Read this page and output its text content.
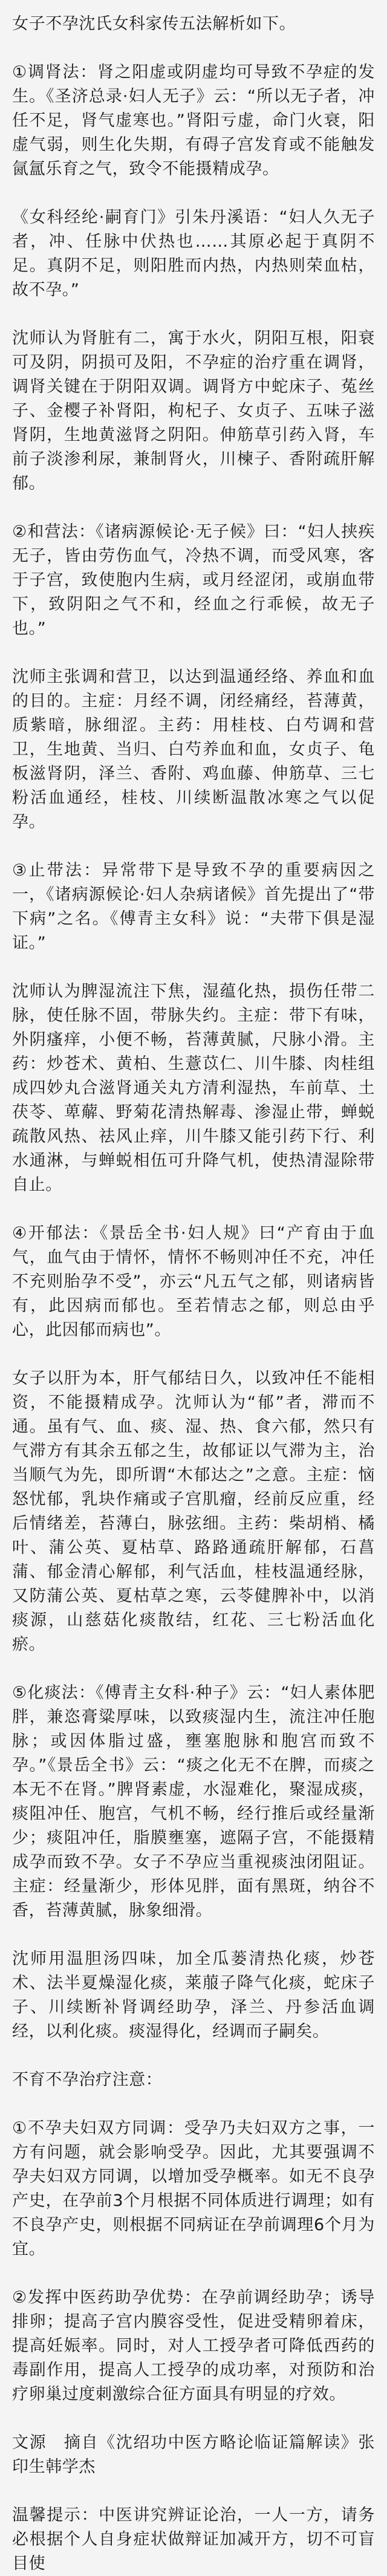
女子不孕沈氏女科家传五法解析如下。

①调肾法：肾之阳虚或阴虚均可导致不孕症的发生。《圣济总录·妇人无子》云：“所以无子者，冲任不足，肾气虚寒也。”肾阳亏虚，命门火衰，阳虚气弱，则生化失期，有碍子宫发育或不能触发氤氲乐育之气，致令不能摄精成孕。

《女科经纶·嗣育门》引朱丹溪语：“妇人久无子者，冲、任脉中伏热也……其原必起于真阴不足。真阴不足，则阳胜而内热，内热则荣血枯，故不孕。”

沈师认为肾脏有二，寓于水火，阴阳互根，阳衰可及阴，阴损可及阳，不孕症的治疗重在调肾，调肾关键在于阴阳双调。调肾方中蛇床子、菟丝子、金樱子补肾阳，枸杞子、女贞子、五味子滋肾阴，生地黄滋肾之阴阳。伸筋草引药入肾，车前子淡渗利尿，兼制肾火，川楝子、香附疏肝解郁。

②和营法：《诸病源候论·无子候》曰：“妇人挟疾无子，皆由劳伤血气，冷热不调，而受风寒，客于子宫，致使胞内生病，或月经涩闭，或崩血带下，致阴阳之气不和，经血之行乖候，故无子也。”

沈师主张调和营卫，以达到温通经络、养血和血的目的。主症：月经不调，闭经痛经，苔薄黄，质紫暗，脉细涩。主药：用桂枝、白芍调和营卫，生地黄、当归、白芍养血和血，女贞子、龟板滋肾阴，泽兰、香附、鸡血藤、伸筋草、三七粉活血通经，桂枝、川续断温散冰寒之气以促孕。

③止带法：异常带下是导致不孕的重要病因之一，《诸病源候论·妇人杂病诸候》首先提出了“带下病”之名。《傅青主女科》说：“夫带下俱是湿证。”

沈师认为脾湿流注下焦，湿蕴化热，损伤任带二脉，使任脉不固，带脉失约。主症：带下有味，外阴瘙痒，小便不畅，苔薄黄腻，尺脉小滑。主药：炒苍术、黄柏、生薏苡仁、川牛膝、肉桂组成四妙丸合滋肾通关丸方清利湿热，车前草、土茯苓、萆薢、野菊花清热解毒、渗湿止带，蝉蜕疏散风热、祛风止痒，川牛膝又能引药下行、利水通淋，与蝉蜕相伍可升降气机，使热清湿除带自止。

④开郁法：《景岳全书·妇人规》曰“产育由于血气，血气由于情怀，情怀不畅则冲任不充，冲任不充则胎孕不受”，亦云“凡五气之郁，则诸病皆有，此因病而郁也。至若情志之郁，则总由乎心，此因郁而病也”。

女子以肝为本，肝气郁结日久，以致冲任不能相资，不能摄精成孕。沈师认为“郁”者，滞而不通。虽有气、血、痰、湿、热、食六郁，然只有气滞方有其余五郁之生，故郁证以气滞为主，治当顺气为先，即所谓“木郁达之”之意。主症：恼怒忧郁，乳块作痛或子宫肌瘤，经前反应重，经后情绪差，苔薄白，脉弦细。主药：柴胡梢、橘叶、蒲公英、夏枯草、路路通疏肝解郁，石菖蒲、郁金清心解郁，利气活血，桂枝温通经脉，又防蒲公英、夏枯草之寒，云苓健脾补中，以消痰源，山慈菇化痰散结，红花、三七粉活血化瘀。

⑤化痰法：《傅青主女科·种子》云：“妇人素体肥胖，兼恣膏粱厚味，以致痰湿内生，流注冲任胞脉；或因体脂过盛，壅塞胞脉和胞宫而致不孕。”《景岳全书》云：“痰之化无不在脾，而痰之本无不在肾。”脾肾素虚，水湿难化，聚湿成痰，痰阻冲任、胞宫，气机不畅，经行推后或经量渐少；痰阻冲任，脂膜壅塞，遮隔子宫，不能摄精成孕而致不孕。女子不孕应当重视痰浊闭阻证。主症：经量渐少，形体见胖，面有黑斑，纳谷不香，苔薄黄腻，脉象细滑。

沈师用温胆汤四味，加全瓜蒌清热化痰，炒苍术、法半夏燥湿化痰，莱菔子降气化痰，蛇床子子、川续断补肾调经助孕，泽兰、丹参活血调经，以利化痰。痰湿得化，经调而子嗣矣。

不育不孕治疗注意：

①不孕夫妇双方同调：受孕乃夫妇双方之事，一方有问题，就会影响受孕。因此，尤其要强调不孕夫妇双方同调，以增加受孕概率。如无不良孕产史，在孕前3个月根据不同体质进行调理；如有不良孕产史，则根据不同病证在孕前调理6个月为宜。

②发挥中医药助孕优势：在孕前调经助孕；诱导排卵；提高子宫内膜容受性，促进受精卵着床，提高妊娠率。同时，对人工授孕者可降低西药的毒副作用，提高人工授孕的成功率，对预防和治疗卵巢过度刺激综合征方面具有明显的疗效。

文源　摘自《沈绍功中医方略论临证篇解读》张印生韩学杰

温馨提示：中医讲究辨证论治，一人一方，请务必根据个人自身症状做辩证加减开方，切不可盲目使
